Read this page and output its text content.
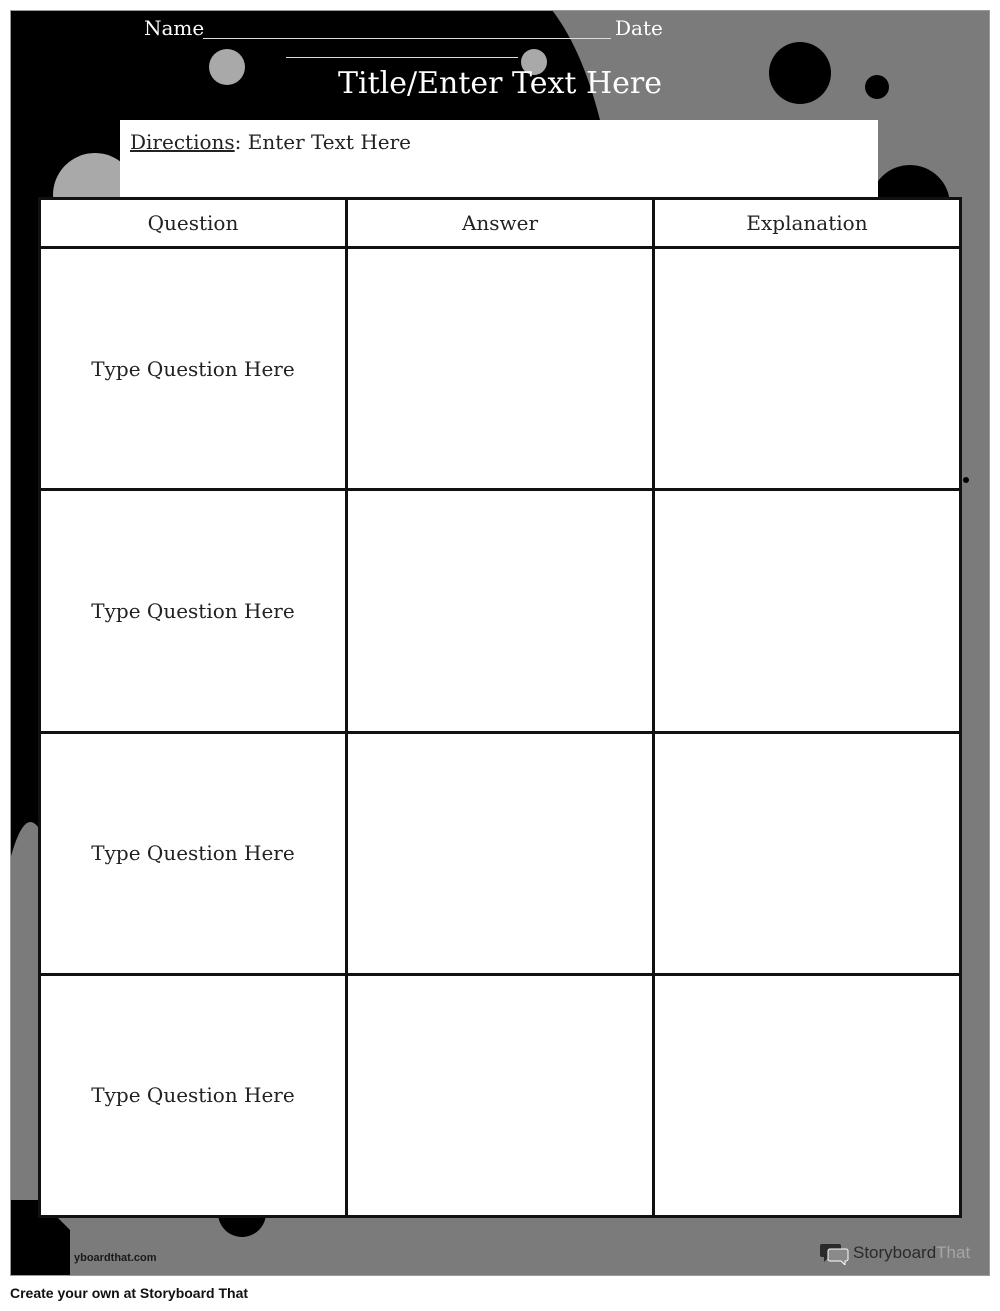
Name	Date
Title/Enter Text Here
Directions: Enter Text Here
Question	Answer	Explanation
Type Question Here		
Type Question Here		
Type Question Here		
Type Question Here		
yboardthat.com	Storyboard That
Create your own at Storyboard That
